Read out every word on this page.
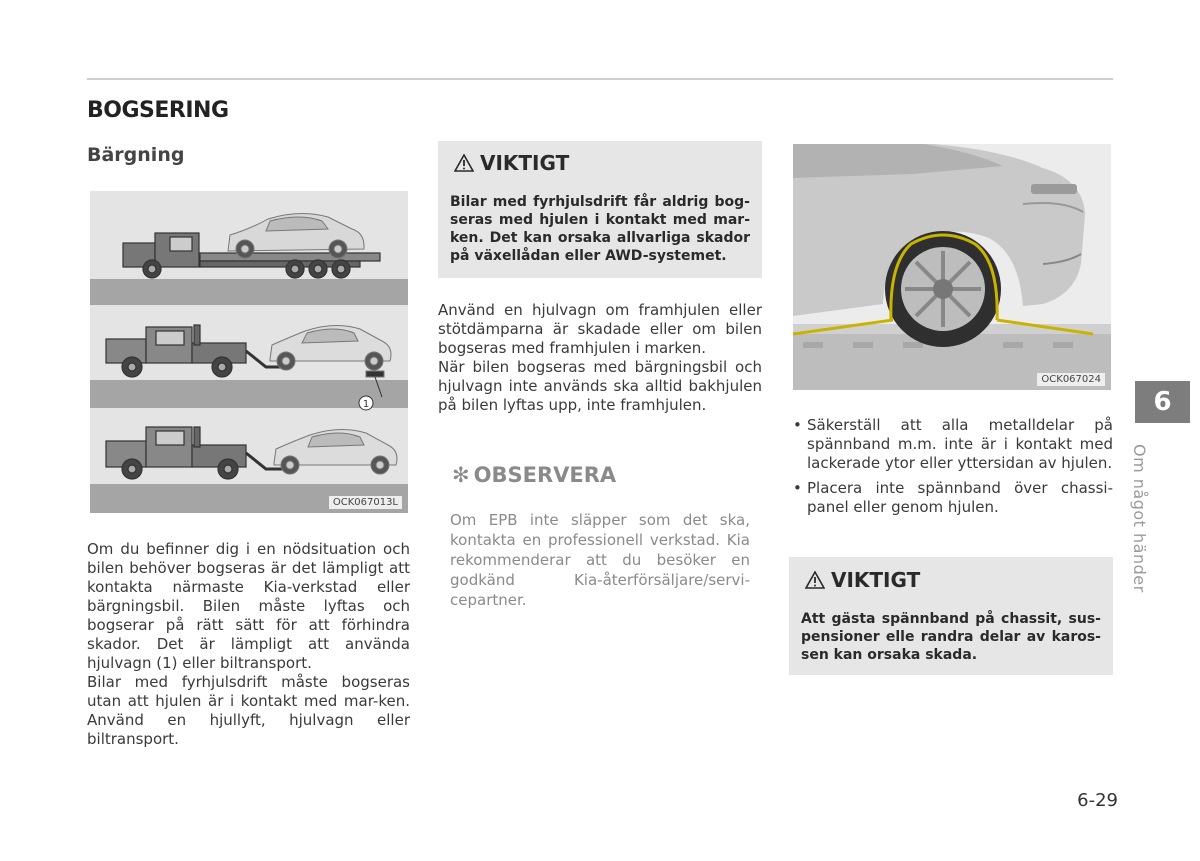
BOGSERING
Bärgning
1
OCK067013L

Om du befinner dig i en nödsituation och bilen behöver bogseras är det lämpligt att kontakta närmaste Kia-verkstad eller bärgningsbil. Bilen måste lyftas och bogserar på rätt sätt för att förhindra skador. Det är lämpligt att använda hjulvagn (1) eller biltransport.

Bilar med fyrhjulsdrift måste bogseras utan att hjulen är i kontakt med mar-ken. Använd en hjullyft, hjulvagn eller biltransport.

VIKTIGT
Bilar med fyrhjulsdrift får aldrig bog-seras med hjulen i kontakt med mar-ken. Det kan orsaka allvarliga skador på växellådan eller AWD-systemet.

Använd en hjulvagn om framhjulen eller stötdämparna är skadade eller om bilen bogseras med framhjulen i marken.

När bilen bogseras med bärgningsbil och hjulvagn inte används ska alltid bakhjulen på bilen lyftas upp, inte framhjulen.

✻ OBSERVERA
Om EPB inte släpper som det ska, kontakta en professionell verkstad. Kia rekommenderar att du besöker en godkänd Kia-återförsäljare/servi-cepartner.
OCK067024
• Säkerställ att alla metalldelar på spännband m.m. inte är i kontakt med lackerade ytor eller yttersidan av hjulen.
• Placera inte spännband över chassi-panel eller genom hjulen.
VIKTIGT
Att gästa spännband på chassit, sus-pensioner elle randra delar av karos-sen kan orsaka skada.
6
Om något händer
6-29
